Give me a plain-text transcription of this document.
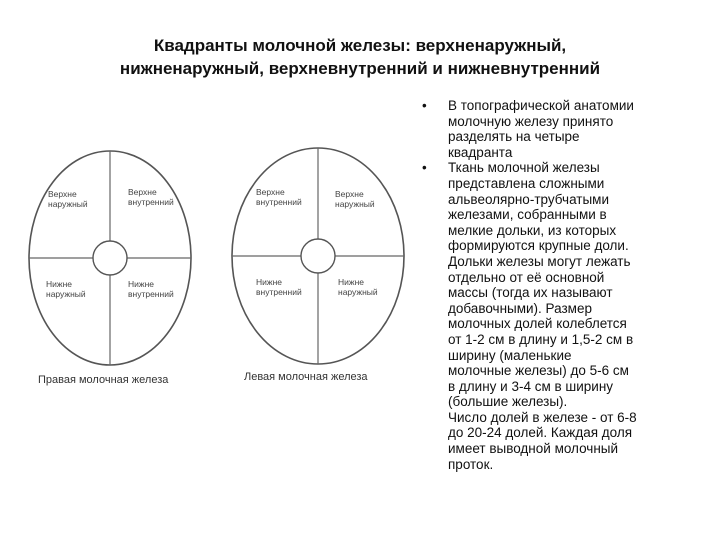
Квадранты молочной железы: верхненаружный,
нижненаружный, верхневнутренний и нижневнутренний
Верхне наружный
Верхне внутренний
Нижне наружный
Нижне внутренний
Правая молочная железа
Верхне внутренний
Верхне наружный
Нижне внутренний
Нижне наружный
Левая молочная железа
• В топографической анатомии
молочную железу принято
разделять на четыре
квадранта
• Ткань молочной железы
представлена сложными
альвеолярно-трубчатыми
железами, собранными в
мелкие дольки, из которых
формируются крупные доли.
Дольки железы могут лежать
отдельно от её основной
массы (тогда их называют
добавочными). Размер
молочных долей колеблется
от 1-2 см в длину и 1,5-2 см в
ширину (маленькие
молочные железы) до 5-6 см
в длину и 3-4 см в ширину
(большие железы).
Число долей в железе - от 6-8
до 20-24 долей. Каждая доля
имеет выводной молочный
проток.
